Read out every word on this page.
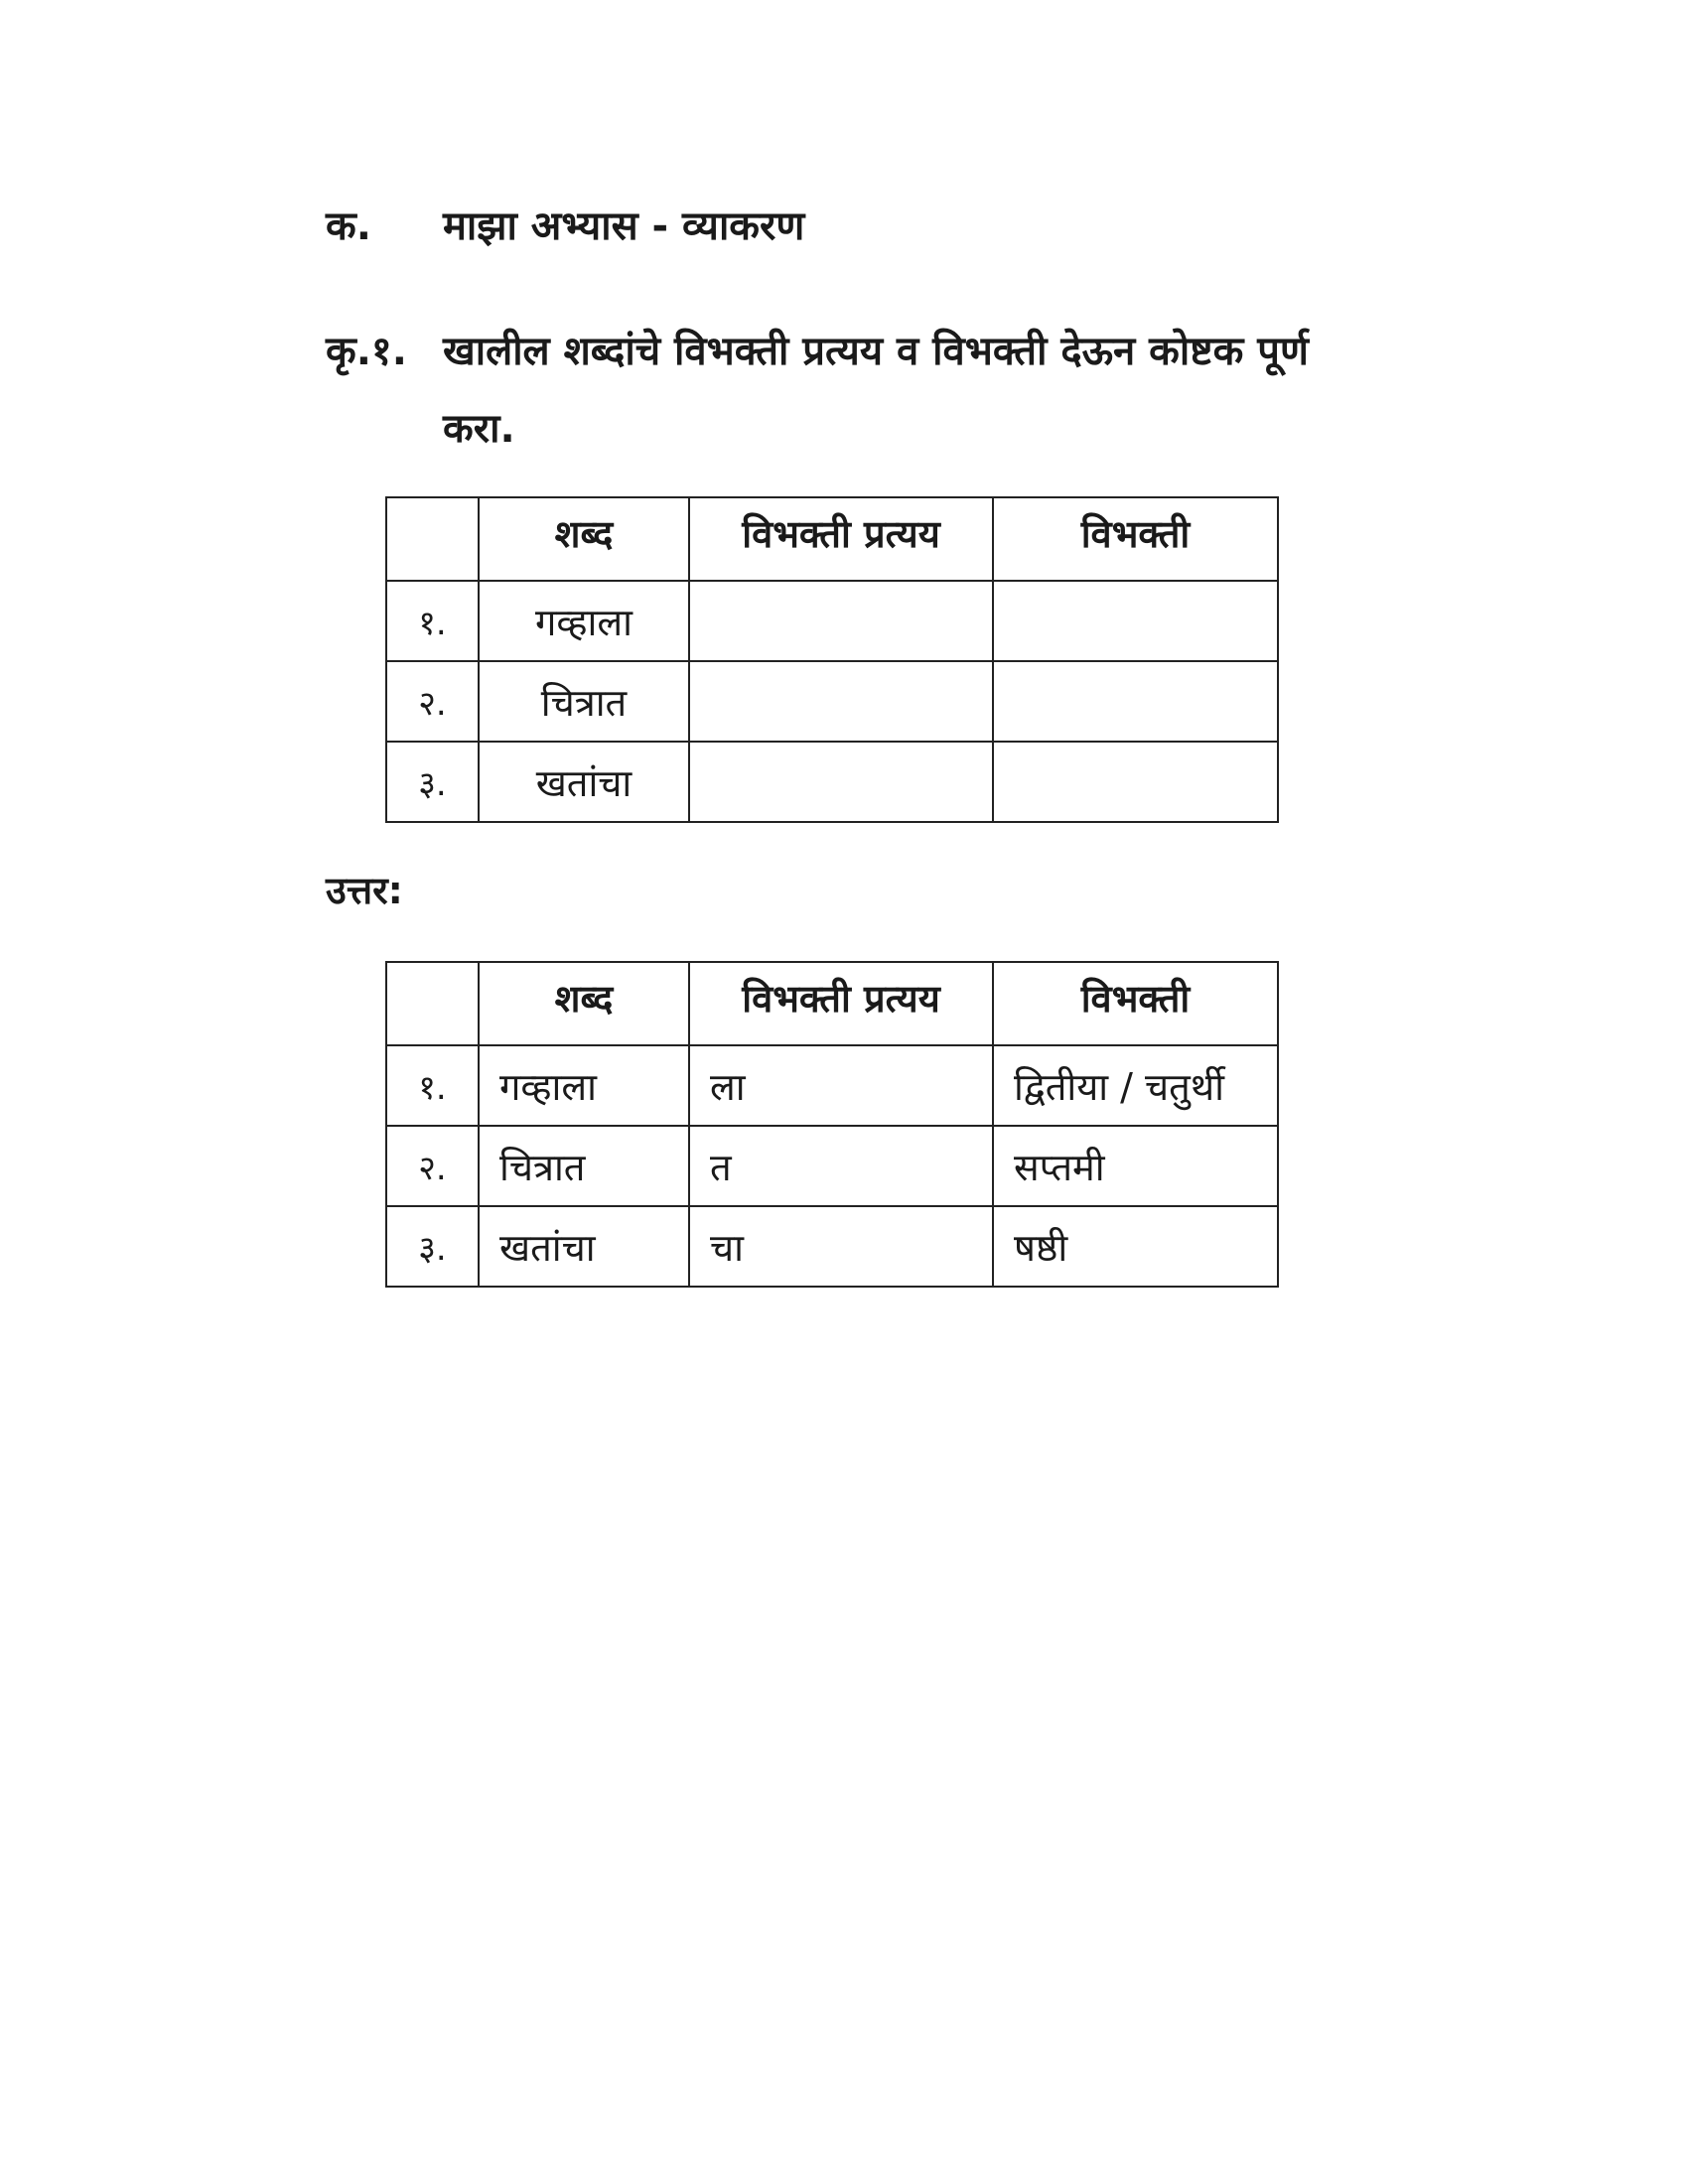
क. माझा अभ्यास - व्याकरण
कृ.१. खालील शब्दांचे विभक्ती प्रत्यय व विभक्ती देऊन कोष्टक पूर्ण करा.
	शब्द	विभक्ती प्रत्यय	विभक्ती
१.	गव्हाला		
२.	चित्रात		
३.	खतांचा		
उत्तर:
	शब्द	विभक्ती प्रत्यय	विभक्ती
१.	गव्हाला	ला	द्वितीया / चतुर्थी
२.	चित्रात	त	सप्तमी
३.	खतांचा	चा	षष्ठी
